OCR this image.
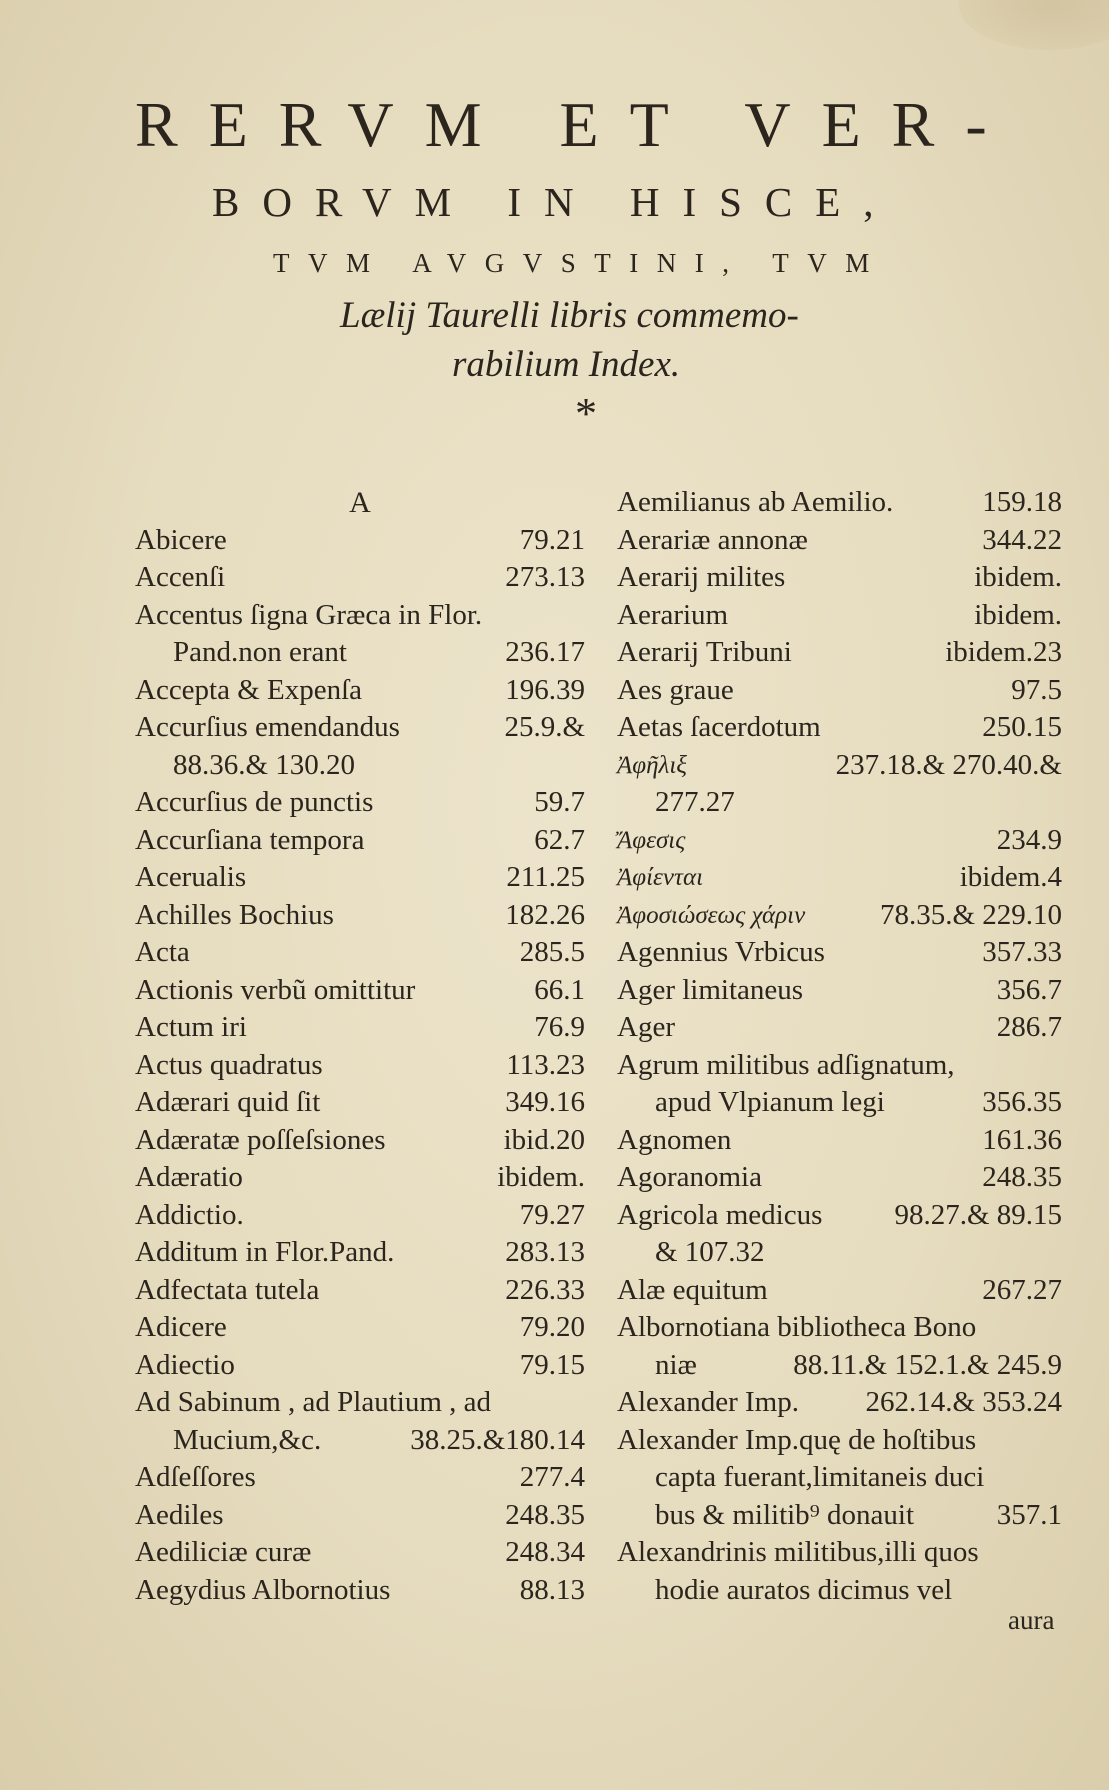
RERVM ET VER-
BORVM IN HISCE,
TVM AVGVSTINI, TVM
Lælij Taurelli libris commemo-
rabilium Index.
*
A
Abicere	79.21
Accenſi	273.13
Accentus ſigna Græca in Flor.
Pand.non erant	236.17
Accepta & Expenſa	196.39
Accurſius emendandus	25.9.&
88.36.& 130.20
Accurſius de punctis	59.7
Accurſiana tempora	62.7
Acerualis	211.25
Achilles Bochius	182.26
Acta	285.5
Actionis verbũ omittitur	66.1
Actum iri	76.9
Actus quadratus	113.23
Adærari quid ſit	349.16
Adæratæ poſſeſsiones	ibid.20
Adæratio	ibidem.
Addictio.	79.27
Additum in Flor.Pand.	283.13
Adfectata tutela	226.33
Adicere	79.20
Adiectio	79.15
Ad Sabinum , ad Plautium , ad
Mucium,&c.	38.25.&180.14
Adſeſſores	277.4
Aediles	248.35
Aediliciæ curæ	248.34
Aegydius Albornotius	88.13
Aemilianus ab Aemilio.	159.18
Aerariæ annonæ	344.22
Aerarij milites	ibidem.
Aerarium	ibidem.
Aerarij Tribuni	ibidem.23
Aes graue	97.5
Aetas ſacerdotum	250.15
Ἀφῆλιξ	237.18.& 270.40.&
277.27
Ἄφεσις	234.9
Ἀφίενται	ibidem.4
Ἀφοσιώσεως χάριν	78.35.& 229.10
Agennius Vrbicus	357.33
Ager limitaneus	356.7
Ager	286.7
Agrum militibus adſignatum,
apud Vlpianum legi	356.35
Agnomen	161.36
Agoranomia	248.35
Agricola medicus 98.27.& 89.15
& 107.32
Alæ equitum	267.27
Albornotiana bibliotheca Bono
niæ	88.11.& 152.1.& 245.9
Alexander Imp. 262.14.& 353.24
Alexander Imp.quę de hoſtibus
capta fuerant,limitaneis duci
bus & militib⁹ donauit	357.1
Alexandrinis militibus,illi quos
hodie auratos dicimus vel
aura
